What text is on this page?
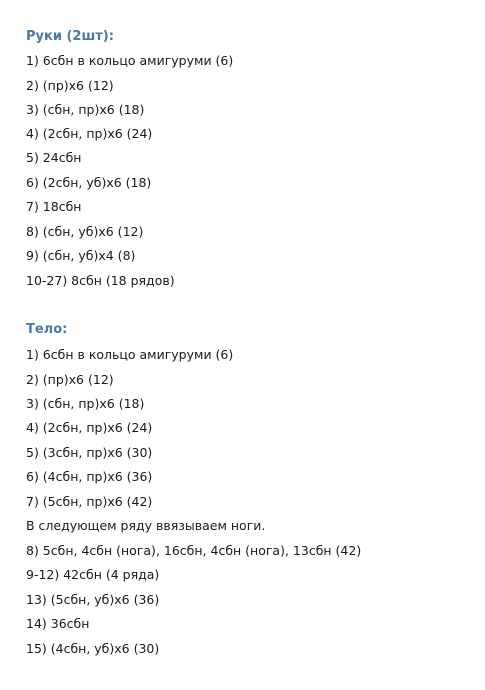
Руки (2шт):
1) 6сбн в кольцо амигуруми (6)
2) (пр)х6 (12)
3) (сбн, пр)х6 (18)
4) (2сбн, пр)х6 (24)
5) 24сбн
6) (2сбн, уб)х6 (18)
7) 18сбн
8) (сбн, уб)х6 (12)
9) (сбн, уб)х4 (8)
10-27) 8сбн (18 рядов)
Тело:
1) 6сбн в кольцо амигуруми (6)
2) (пр)х6 (12)
3) (сбн, пр)х6 (18)
4) (2сбн, пр)х6 (24)
5) (3сбн, пр)х6 (30)
6) (4сбн, пр)х6 (36)
7) (5сбн, пр)х6 (42)
В следующем ряду ввязываем ноги.
8) 5сбн, 4сбн (нога), 16сбн, 4сбн (нога), 13сбн (42)
9-12) 42сбн (4 ряда)
13) (5сбн, уб)х6 (36)
14) 36сбн
15) (4сбн, уб)х6 (30)
